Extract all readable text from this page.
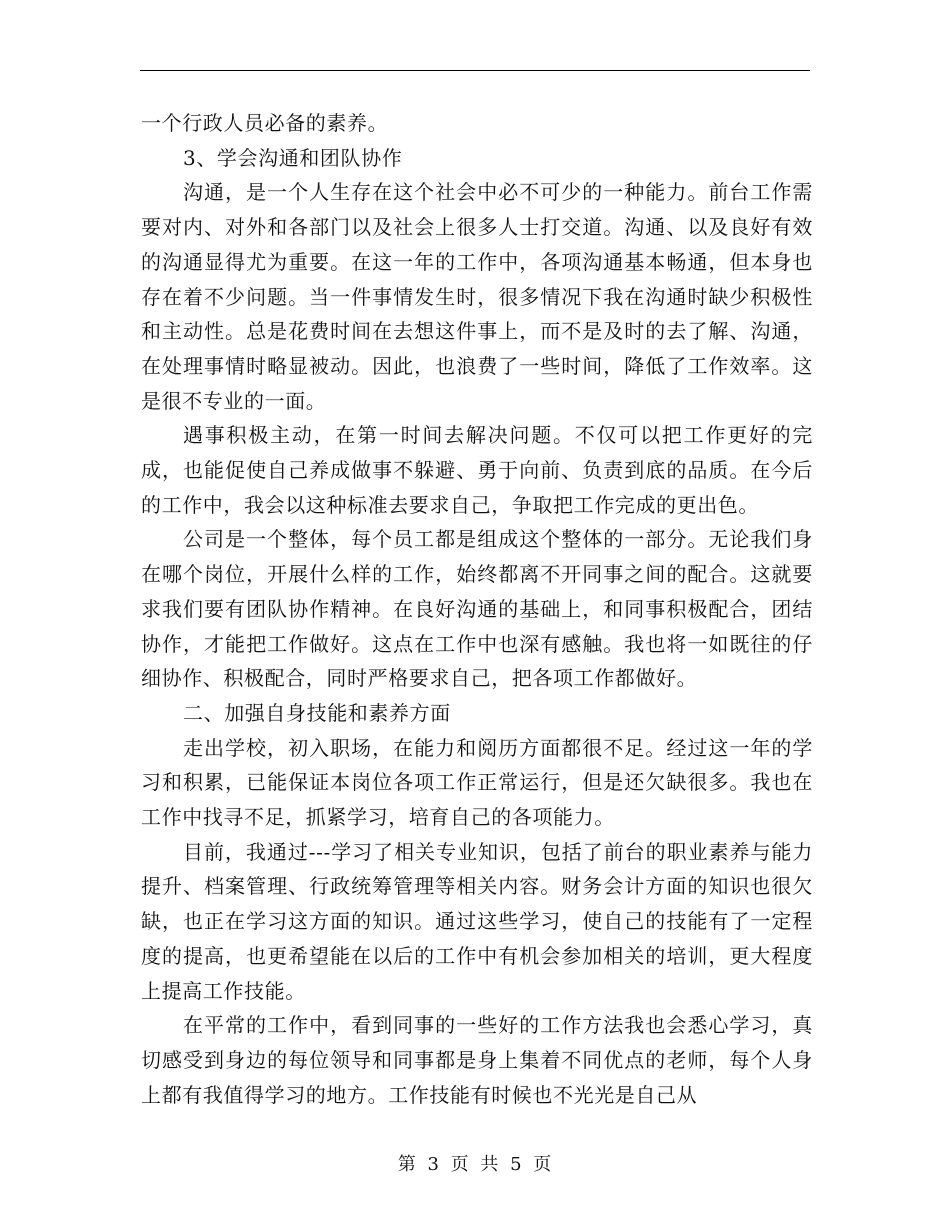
一个行政人员必备的素养。

3、学会沟通和团队协作

沟通，是一个人生存在这个社会中必不可少的一种能力。前台工作需要对内、对外和各部门以及社会上很多人士打交道。沟通、以及良好有效的沟通显得尤为重要。在这一年的工作中，各项沟通基本畅通，但本身也存在着不少问题。当一件事情发生时，很多情况下我在沟通时缺少积极性和主动性。总是花费时间在去想这件事上，而不是及时的去了解、沟通，在处理事情时略显被动。因此，也浪费了一些时间，降低了工作效率。这是很不专业的一面。

遇事积极主动，在第一时间去解决问题。不仅可以把工作更好的完成，也能促使自己养成做事不躲避、勇于向前、负责到底的品质。在今后的工作中，我会以这种标准去要求自己，争取把工作完成的更出色。

公司是一个整体，每个员工都是组成这个整体的一部分。无论我们身在哪个岗位，开展什么样的工作，始终都离不开同事之间的配合。这就要求我们要有团队协作精神。在良好沟通的基础上，和同事积极配合，团结协作，才能把工作做好。这点在工作中也深有感触。我也将一如既往的仔细协作、积极配合，同时严格要求自己，把各项工作都做好。

二、加强自身技能和素养方面

走出学校，初入职场，在能力和阅历方面都很不足。经过这一年的学习和积累，已能保证本岗位各项工作正常运行，但是还欠缺很多。我也在工作中找寻不足，抓紧学习，培育自己的各项能力。

目前，我通过---学习了相关专业知识，包括了前台的职业素养与能力提升、档案管理、行政统筹管理等相关内容。财务会计方面的知识也很欠缺，也正在学习这方面的知识。通过这些学习，使自己的技能有了一定程度的提高，也更希望能在以后的工作中有机会参加相关的培训，更大程度上提高工作技能。

在平常的工作中，看到同事的一些好的工作方法我也会悉心学习，真切感受到身边的每位领导和同事都是身上集着不同优点的老师，每个人身上都有我值得学习的地方。工作技能有时候也不光光是自己从

第 3 页 共 5 页
